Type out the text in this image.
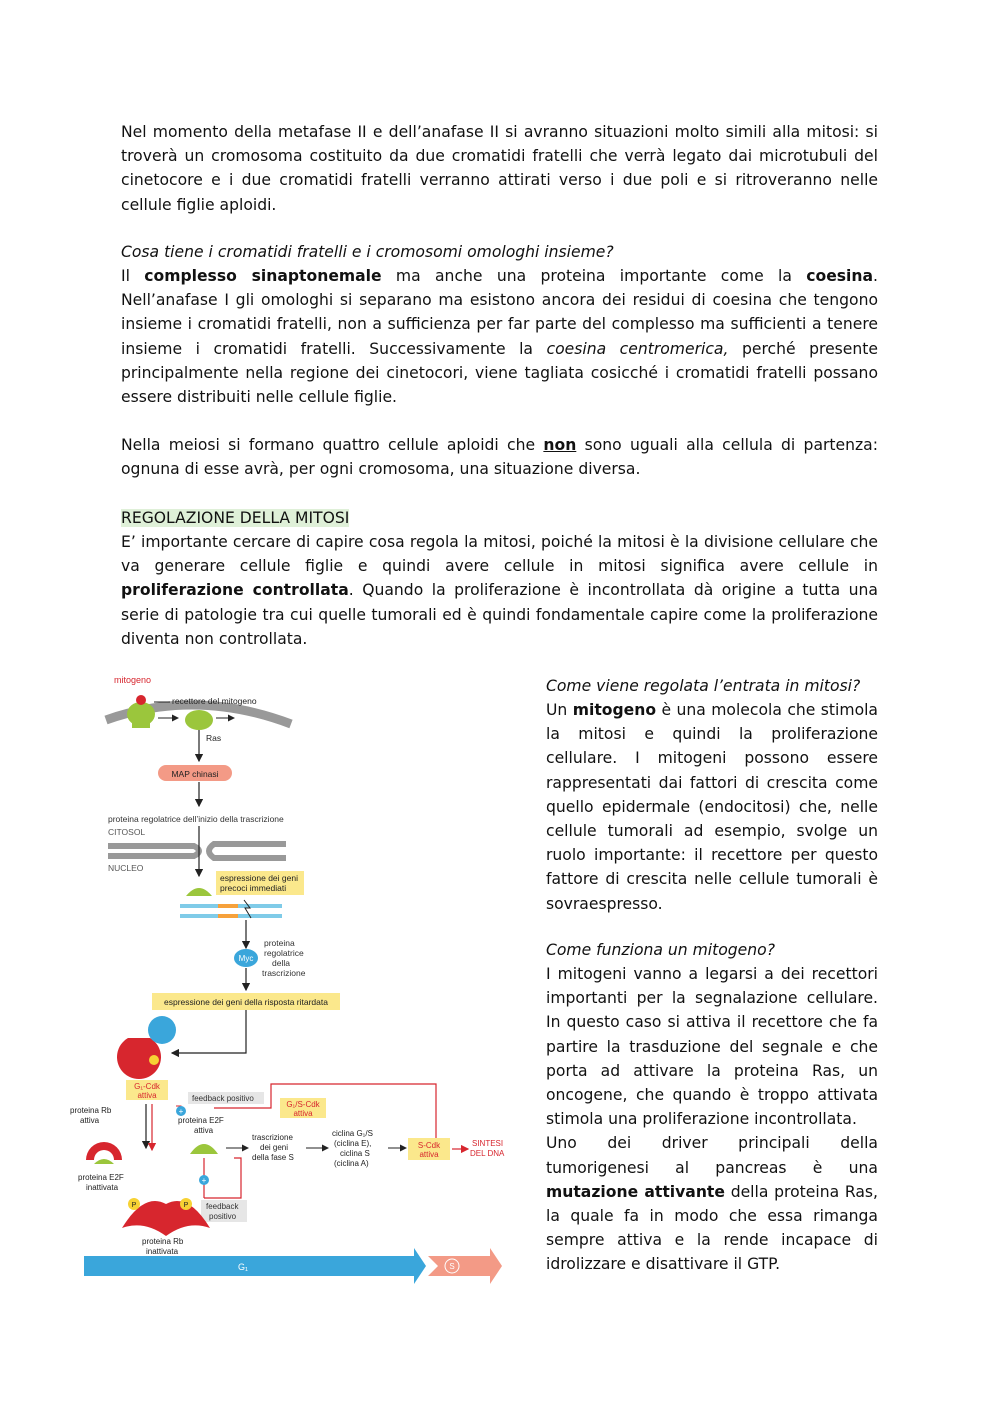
Nel momento della metafase II e dell’anafase II si avranno situazioni molto simili alla mitosi: si troverà un cromosoma costituito da due cromatidi fratelli che verrà legato dai microtubuli del cinetocore e i due cromatidi fratelli verranno attirati verso i due poli e si ritroveranno nelle cellule figlie aploidi.

Cosa tiene i cromatidi fratelli e i cromosomi omologhi insieme?

Il complesso sinaptonemale ma anche una proteina importante come la coesina. Nell’anafase I gli omologhi si separano ma esistono ancora dei residui di coesina che tengono insieme i cromatidi fratelli, non a sufficienza per far parte del complesso ma sufficienti a tenere insieme i cromatidi fratelli. Successivamente la coesina centromerica, perché presente principalmente nella regione dei cinetocori, viene tagliata cosicché i cromatidi fratelli possano essere distribuiti nelle cellule figlie.

Nella meiosi si formano quattro cellule aploidi che non sono uguali alla cellula di partenza: ognuna di esse avrà, per ogni cromosoma, una situazione diversa.

REGOLAZIONE DELLA MITOSI

E’ importante cercare di capire cosa regola la mitosi, poiché la mitosi è la divisione cellulare che va generare cellule figlie e quindi avere cellule in mitosi significa avere cellule in proliferazione controllata. Quando la proliferazione è incontrollata dà origine a tutta una serie di patologie tra cui quelle tumorali ed è quindi fondamentale capire come la proliferazione diventa non controllata.

Come viene regolata l’entrata in mitosi?

Un mitogeno è una molecola che stimola la mitosi e quindi la proliferazione cellulare. I mitogeni possono essere rappresentati dai fattori di crescita come quello epidermale (endocitosi) che, nelle cellule tumorali ad esempio, svolge un ruolo importante: il recettore per questo fattore di crescita nelle cellule tumorali è sovraespresso.

Come funziona un mitogeno?

I mitogeni vanno a legarsi a dei recettori importanti per la segnalazione cellulare. In questo caso si attiva il recettore che fa partire la trasduzione del segnale e che porta ad attivare la proteina Ras, un oncogene, che quando è troppo attivata stimola una proliferazione incontrollata.
Uno dei driver principali della tumorigenesi al pancreas è una mutazione attivante della proteina Ras, la quale fa in modo che essa rimanga sempre attiva e la rende incapace di idrolizzare e disattivare il GTP.

mitogeno
recettore del mitogeno
Ras
MAP chinasi
proteina regolatrice dell’inizio della trascrizione
CITOSOL
NUCLEO
espressione dei geni
precoci immediati
Myc
proteina
regolatrice
della
trascrizione
espressione dei geni della risposta ritardata
G₁-Cdk
attiva	feedback positivo
+
G₁/S-Cdk
attiva
proteina Rb
attiva
proteina E2F
inattivata
proteina E2F
attiva
trascrizione
dei geni
della fase S
ciclina G₁/S
(ciclina E),
ciclina S
(ciclina A)
S-Cdk
attiva
SINTESI
DEL DNA
+
feedback
positivo
P	P
proteina Rb
inattivata
G₁	S
